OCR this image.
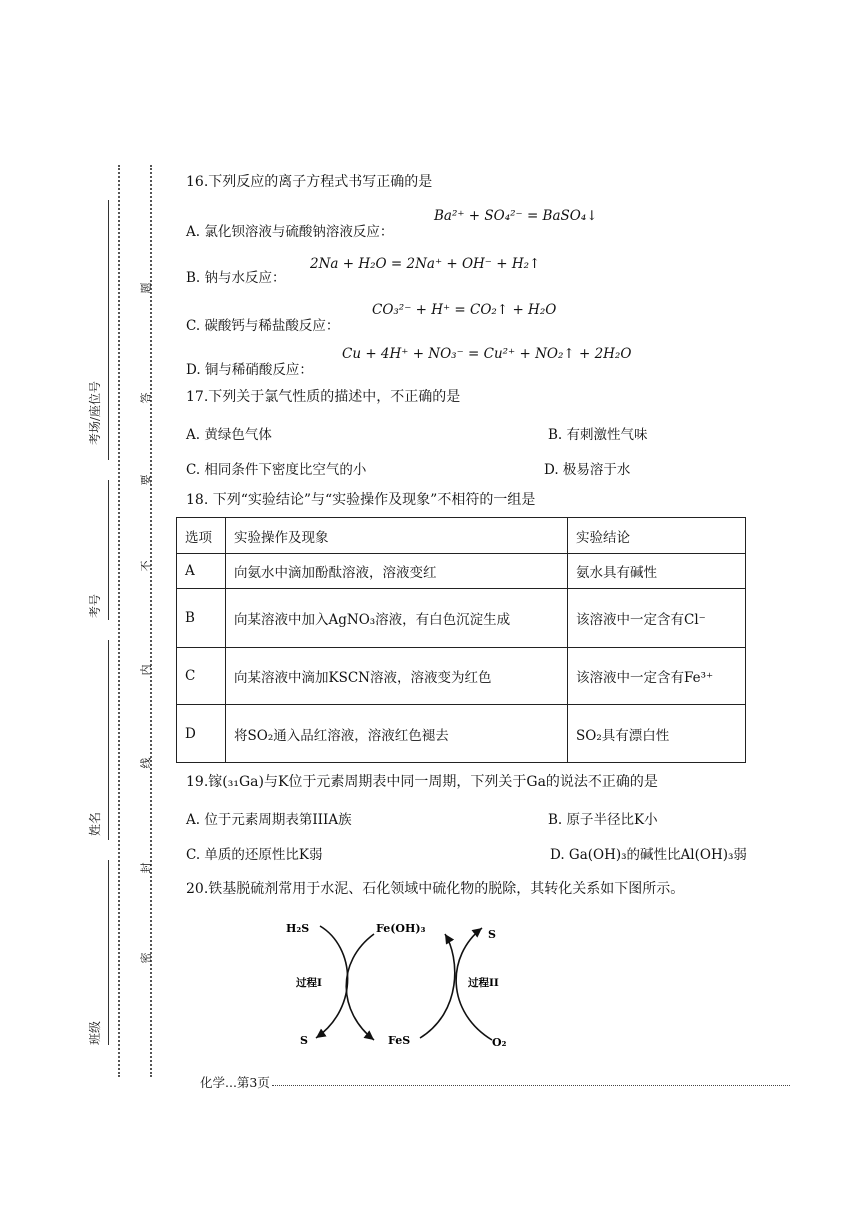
考场/座位号
考号
姓名
班级
题
答
要
不
内
线
封
密
16.下列反应的离子方程式书写正确的是
A. 氯化钡溶液与硫酸钠溶液反应：
Ba²⁺ + SO₄²⁻ = BaSO₄↓
B. 钠与水反应：
2Na + H₂O = 2Na⁺ + OH⁻ + H₂↑
C. 碳酸钙与稀盐酸反应：
CO₃²⁻ + H⁺ = CO₂↑ + H₂O
D. 铜与稀硝酸反应：
Cu + 4H⁺ + NO₃⁻ = Cu²⁺ + NO₂↑ + 2H₂O
17.下列关于氯气性质的描述中，不正确的是
A. 黄绿色气体	B. 有刺激性气味
C. 相同条件下密度比空气的小	D. 极易溶于水
18. 下列“实验结论”与“实验操作及现象”不相符的一组是
选项	实验操作及现象	实验结论
A	向氨水中滴加酚酞溶液，溶液变红	氨水具有碱性
B	向某溶液中加入AgNO₃溶液，有白色沉淀生成	该溶液中一定含有Cl⁻
C	向某溶液中滴加KSCN溶液，溶液变为红色	该溶液中一定含有Fe³⁺
D	将SO₂通入品红溶液，溶液红色褪去	SO₂具有漂白性
19.镓(₃₁Ga)与K位于元素周期表中同一周期，下列关于Ga的说法不正确的是
A. 位于元素周期表第IIIA族	B. 原子半径比K小
C. 单质的还原性比K弱	D. Ga(OH)₃的碱性比Al(OH)₃弱
20.铁基脱硫剂常用于水泥、石化领域中硫化物的脱除，其转化关系如下图所示。
H₂S	Fe(OH)₃	S
过程I	过程II
S	FeS	O₂
化学...第3页
